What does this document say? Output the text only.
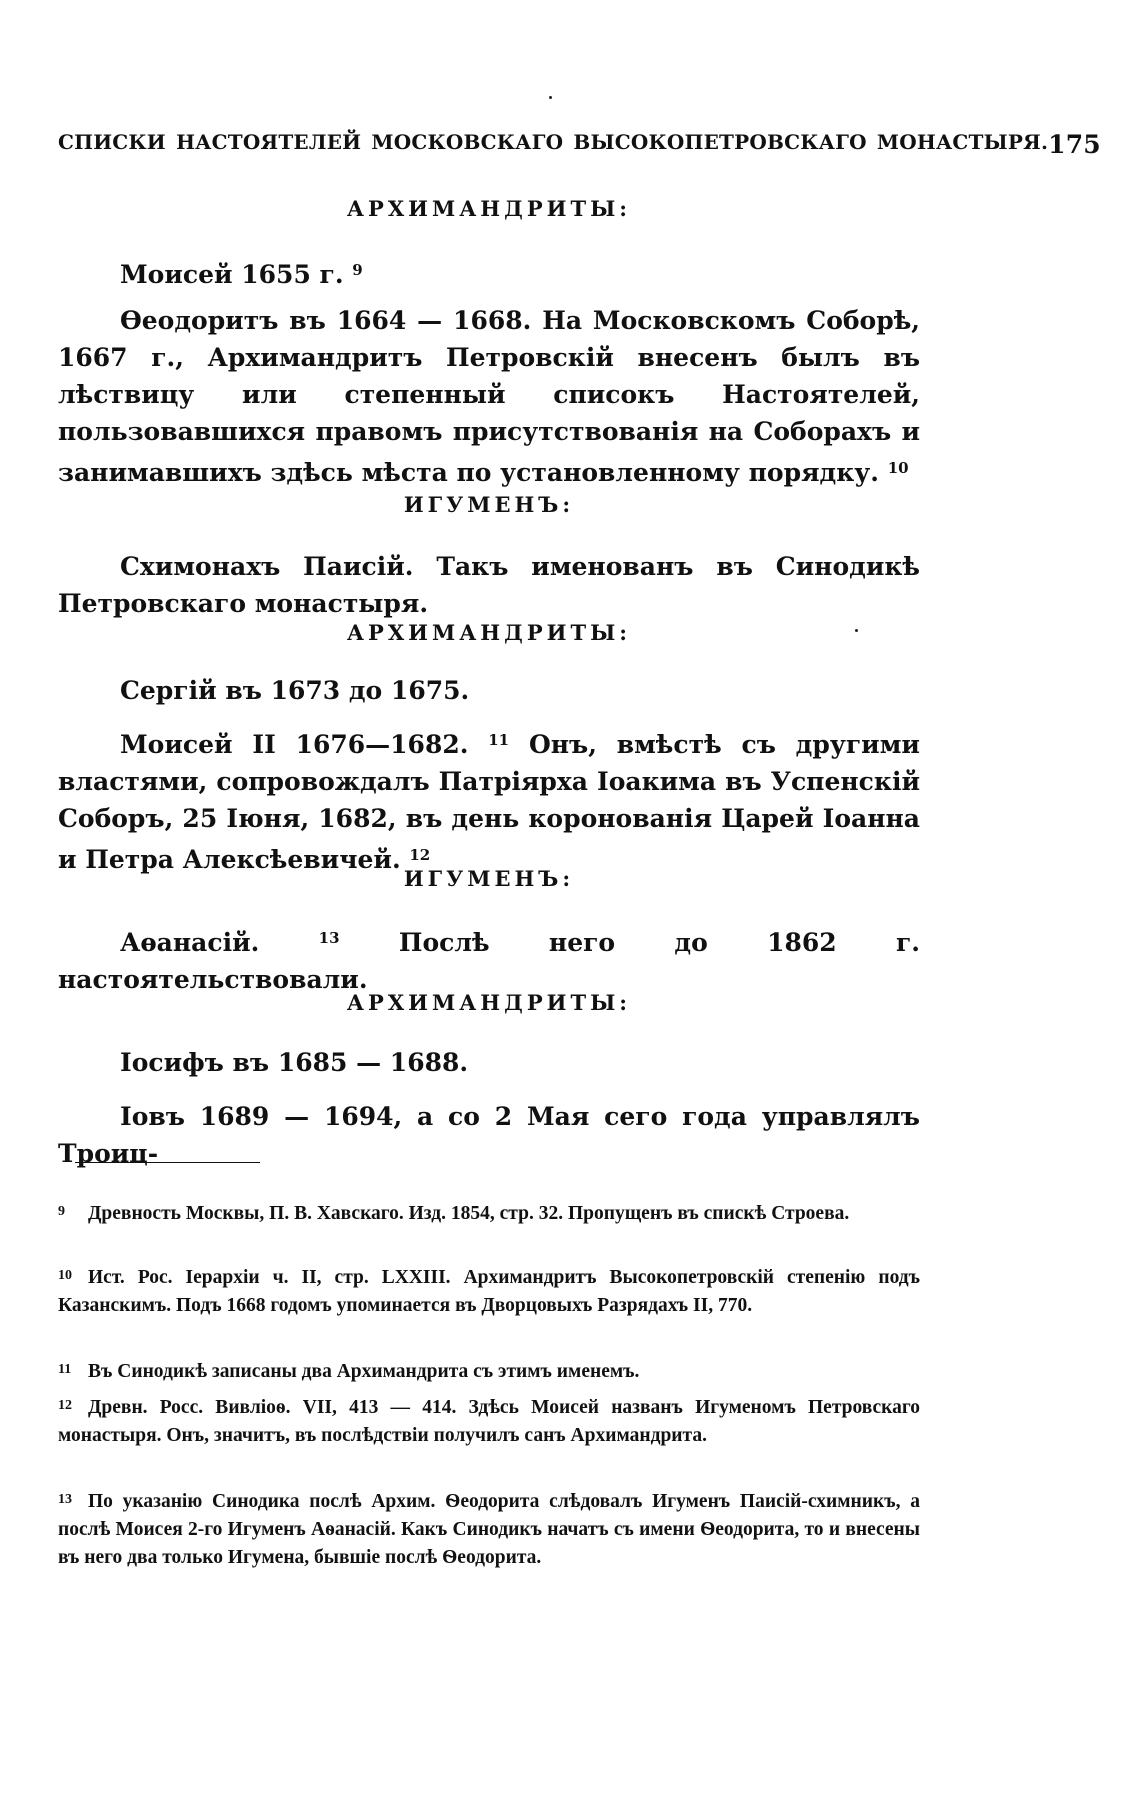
СПИСКИ НАСТОЯТЕЛЕЙ МОСКОВСКАГО ВЫСОКОПЕТРОВСКАГО МОНАСТЫРЯ. 175
АРХИМАНДРИТЫ:
Моисей 1655 г. $^9$
Ѳеодоритъ въ 1664 — 1668. На Московскомъ Соборѣ, 1667 г., Архимандритъ Петровскій внесенъ былъ въ лѣствицу или степенный списокъ Настоятелей, пользовавшихся правомъ присутствованія на Соборахъ и занимавшихъ здѣсь мѣста по установленному порядку. $^{10}$
ИГУМЕНЪ:
Схимонахъ Паисій. Такъ именованъ въ Синодикѣ Петровскаго монастыря.
АРХИМАНДРИТЫ:
Сергій въ 1673 до 1675.
Моисей II 1676—1682. $^{11}$ Онъ, вмѣстѣ съ другими властями, сопровождалъ Патріярха Іоакима въ Успенскій Соборъ, 25 Іюня, 1682, въ день коронованія Царей Іоанна и Петра Алексѣевичей. $^{12}$
ИГУМЕНЪ:
Аѳанасій.	$^{13}$ Послѣ него до 1862 г. настоятельствовали.
АРХИМАНДРИТЫ:
Іосифъ въ 1685 — 1688.
Іовъ 1689 — 1694, а со 2 Мая сего года управлялъ Троиц-
9 Древность Москвы, П. В. Хавскаго. Изд. 1854, стр. 32. Пропущенъ въ спискѣ Строева.
10 Ист. Рос. Іерархіи ч. II, стр. LXXIII. Архимандритъ Высокопетровскій степенію подъ Казанскимъ. Подъ 1668 годомъ упоминается въ Дворцовыхъ Разрядахъ II, 770.
11 Въ Синодикѣ записаны два Архимандрита съ этимъ именемъ.
12 Древн. Росс. Вивліоѳ. VII, 413 — 414. Здѣсь Моисей названъ Игуменомъ Петровскаго монастыря. Онъ, значитъ, въ послѣдствіи получилъ санъ Архимандрита.
13 По указанію Синодика послѣ Архим. Ѳеодорита слѣдовалъ Игуменъ Паисій-схимникъ, а послѣ Моисея 2-го Игуменъ Аѳанасій. Какъ Синодикъ начатъ съ имени Ѳеодорита, то и внесены въ него два только Игумена, бывшіе послѣ Ѳеодорита.
